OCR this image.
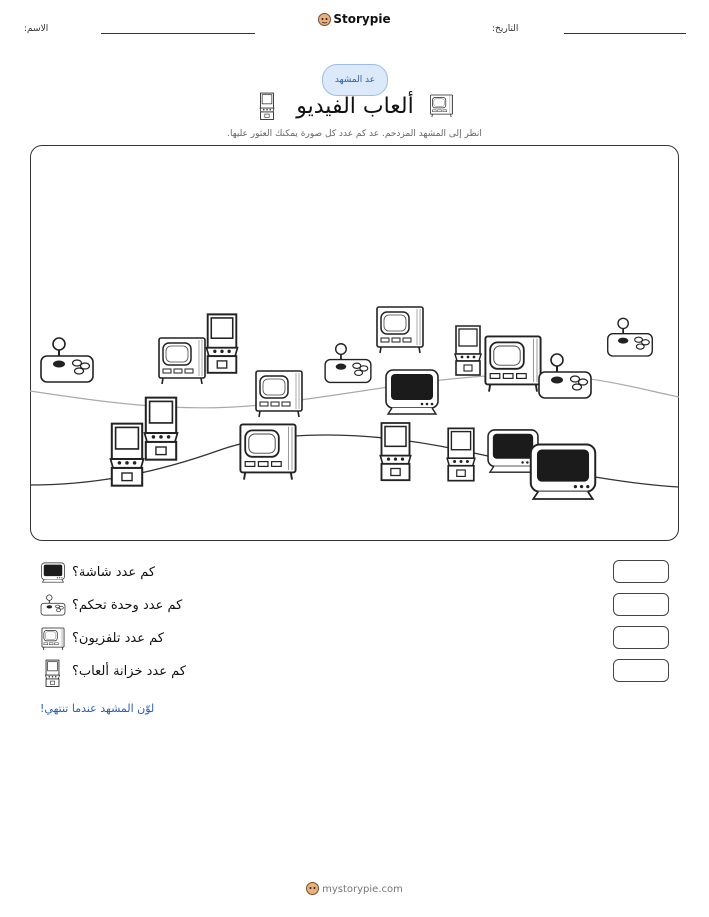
الاسم:	التاريخ:
Storypie
عد المشهد
ألعاب الفيديو
انظر إلى المشهد المزدحم. عد كم عدد كل صورة يمكنك العثور عليها.
كم عدد شاشة؟
كم عدد وحدة تحكم؟
كم عدد تلفزيون؟
كم عدد خزانة ألعاب؟
لوّن المشهد عندما تنتهي!
mystorypie.com
